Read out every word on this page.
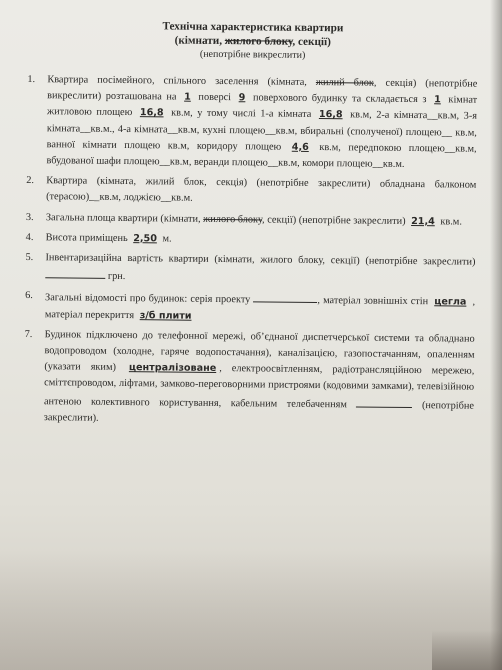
Технічна характеристика квартири
(кімнати, жилого блоку, секції)
(непотрібне викреслити)
1. Квартира посімейного, спільного заселення (кімната, жилий блок, секція) (непотрібне викреслити) розташована на 1 поверсі 9 поверхового будинку та складається з 1 кімнат житловою площею 16,8 кв.м, у тому числі 1-а кімната 16,8 кв.м, 2-а кімната__кв.м, 3-я кімната__кв.м., 4-а кімната__кв.м, кухні площею__кв.м, вбиральні (сполученої) площею__ кв.м, ванної кімнати площею кв.м, коридору площею 4,6 кв.м, передпокою площею__кв.м, вбудованої шафи площею__кв.м, веранди площею__кв.м, комори площею__кв.м.
2. Квартира (кімната, жилий блок, секція) (непотрібне закреслити) обладнана балконом (терасою)__кв.м, лоджією__кв.м.
3. Загальна площа квартири (кімнати, жилого блоку, секції) (непотрібне закреслити) 21,4 кв.м.
4. Висота приміщень 2,50 м.
5. Інвентаризаційна вартість квартири (кімнати, жилого блоку, секції) (непотрібне закреслити)  грн.
6. Загальні відомості про будинок: серія проекту	, матеріал зовнішніх стін цегла , матеріал перекриття з/б плити
7. Будинок підключено до телефонної мережі, об’єднаної диспетчерської системи та обладнано водопроводом (холодне, гаряче водопостачання), каналізацією, газопостачанням, опаленням (указати яким) централізоване , електроосвітленням, радіотрансляційною мережею, сміттєпроводом, ліфтами, замково-переговорними пристроями (кодовими замками), телевізійною антеною колективного користування, кабельним телебаченням	(непотрібне закреслити).
